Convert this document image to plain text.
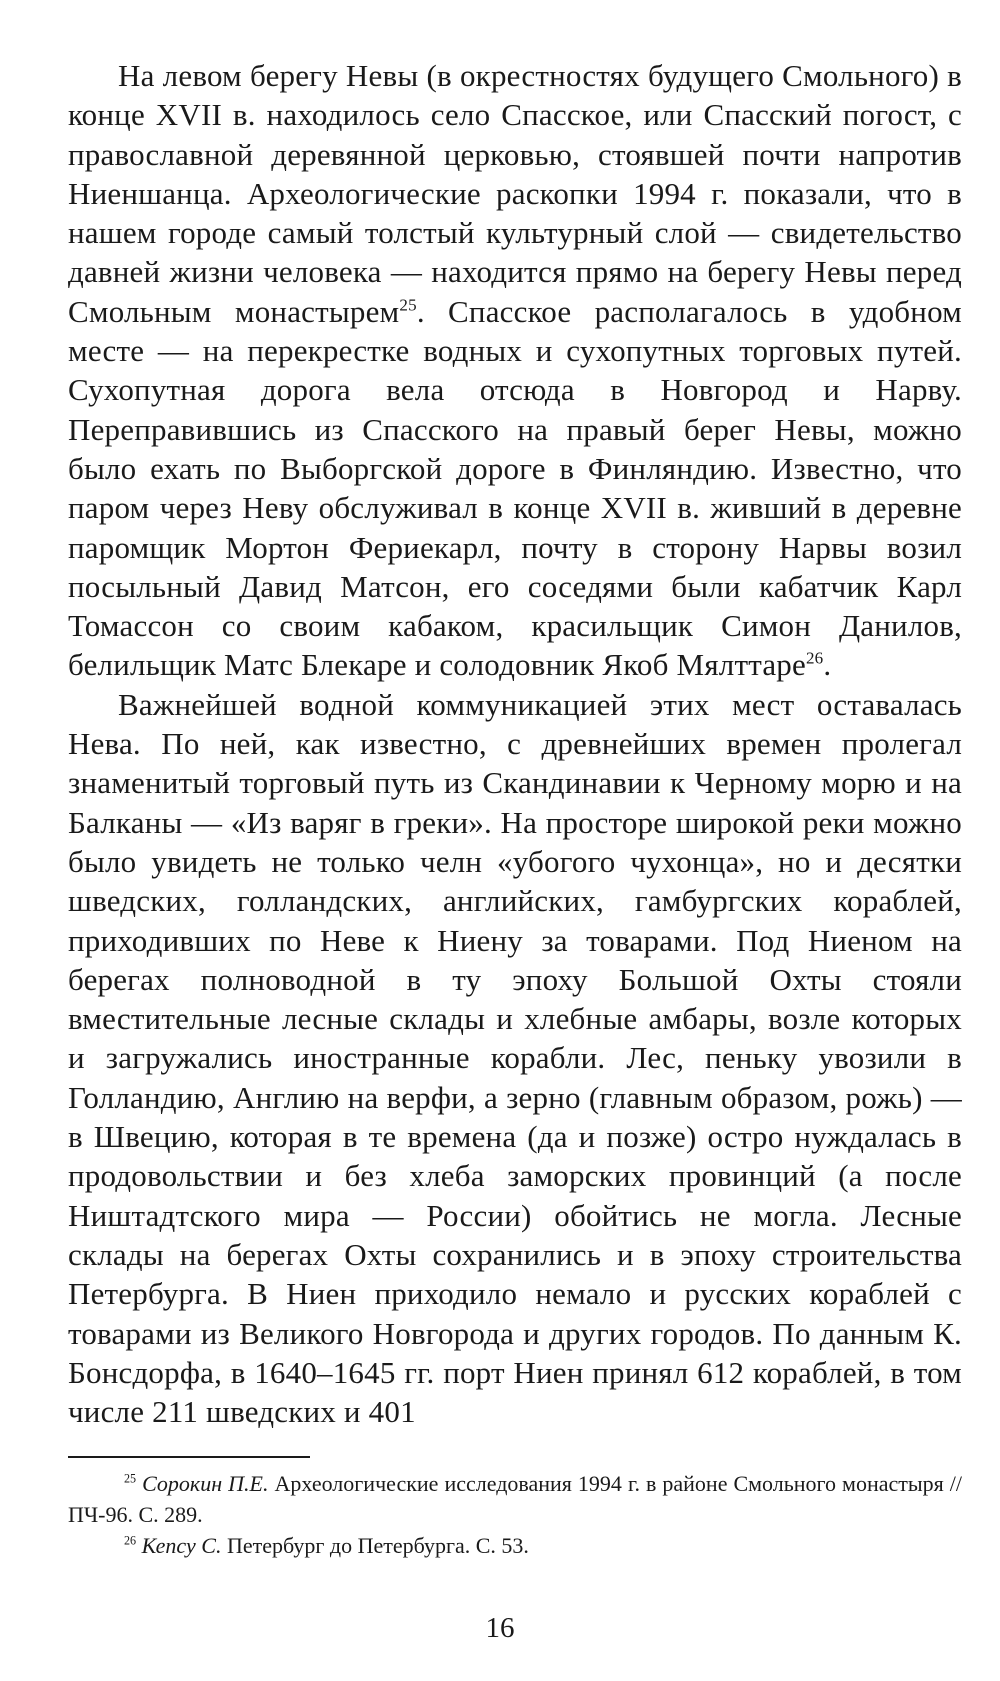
На левом берегу Невы (в окрестностях будущего Смольного) в конце XVII в. находилось село Спасское, или Спасский погост, с православной деревянной церковью, стоявшей почти напротив Ниеншанца. Археологические раскопки 1994 г. показали, что в нашем городе самый толстый культурный слой — свидетельство давней жизни человека — находится прямо на берегу Невы перед Смольным монастырем$^{25}$. Спасское располагалось в удобном месте — на перекрестке водных и сухопутных торговых путей. Сухопутная дорога вела отсюда в Новгород и Нарву. Переправившись из Спасского на правый берег Невы, можно было ехать по Выборгской дороге в Финляндию. Известно, что паром через Неву обслуживал в конце XVII в. живший в деревне паромщик Мортон Фериекарл, почту в сторону Нарвы возил посыльный Давид Матсон, его соседями были кабатчик Карл Томассон со своим кабаком, красильщик Симон Данилов, белильщик Матс Блекаре и солодовник Якоб Мялттаре$^{26}$.

Важнейшей водной коммуникацией этих мест оставалась Нева. По ней, как известно, с древнейших времен пролегал знаменитый торговый путь из Скандинавии к Черному морю и на Балканы — «Из варяг в греки». На просторе широкой реки можно было увидеть не только челн «убогого чухонца», но и десятки шведских, голландских, английских, гамбургских кораблей, приходивших по Неве к Ниену за товарами. Под Ниеном на берегах полноводной в ту эпоху Большой Охты стояли вместительные лесные склады и хлебные амбары, возле которых и загружались иностранные корабли. Лес, пеньку увозили в Голландию, Англию на верфи, а зерно (главным образом, рожь) — в Швецию, которая в те времена (да и позже) остро нуждалась в продовольствии и без хлеба заморских провинций (а после Ништадтского мира — России) обойтись не могла. Лесные склады на берегах Охты сохранились и в эпоху строительства Петербурга. В Ниен приходило немало и русских кораблей с товарами из Великого Новгорода и других городов. По данным К. Бонсдорфа, в 1640–1645 гг. порт Ниен принял 612 кораблей, в том числе 211 шведских и 401

$^{25}$ Сорокин П.Е. Археологические исследования 1994 г. в районе Смольного монастыря // ПЧ-96. С. 289.

$^{26}$ Кепсу С. Петербург до Петербурга. С. 53.

16
